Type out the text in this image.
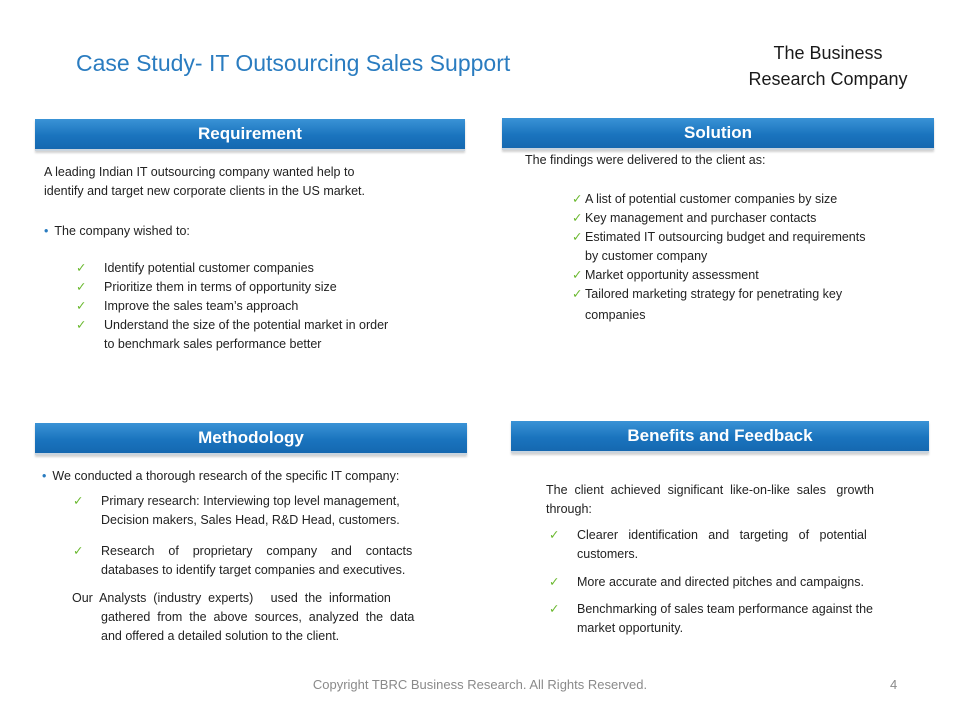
Case Study- IT Outsourcing Sales Support	The Business
Research Company
Requirement
A leading Indian IT outsourcing company wanted help to
identify and target new corporate clients in the US market.
• The company wished to:
✓ Identify potential customer companies
✓ Prioritize them in terms of opportunity size
✓ Improve the sales team’s approach
✓ Understand the size of the potential market in order
to benchmark sales performance better
Solution
The findings were delivered to the client as:
✓ A list of potential customer companies by size
✓ Key management and purchaser contacts
✓ Estimated IT outsourcing budget and requirements
by customer company
✓ Market opportunity assessment
✓ Tailored marketing strategy for penetrating key
companies
Methodology
• We conducted a thorough research of the specific IT company:
✓ Primary research: Interviewing top level management,
Decision makers, Sales Head, R&D Head, customers.
✓ Research    of    proprietary    company    and    contacts
databases to identify target companies and executives.
Our  Analysts  (industry  experts)     used  the  information
gathered  from  the  above  sources,  analyzed  the  data
and offered a detailed solution to the client.
Benefits and Feedback
The  client  achieved  significant  like-on-like  sales   growth
through:
✓ Clearer   identification   and   targeting   of   potential
customers.
✓ More accurate and directed pitches and campaigns.
✓ Benchmarking of sales team performance against the
market opportunity.
Copyright TBRC Business Research. All Rights Reserved.	4
